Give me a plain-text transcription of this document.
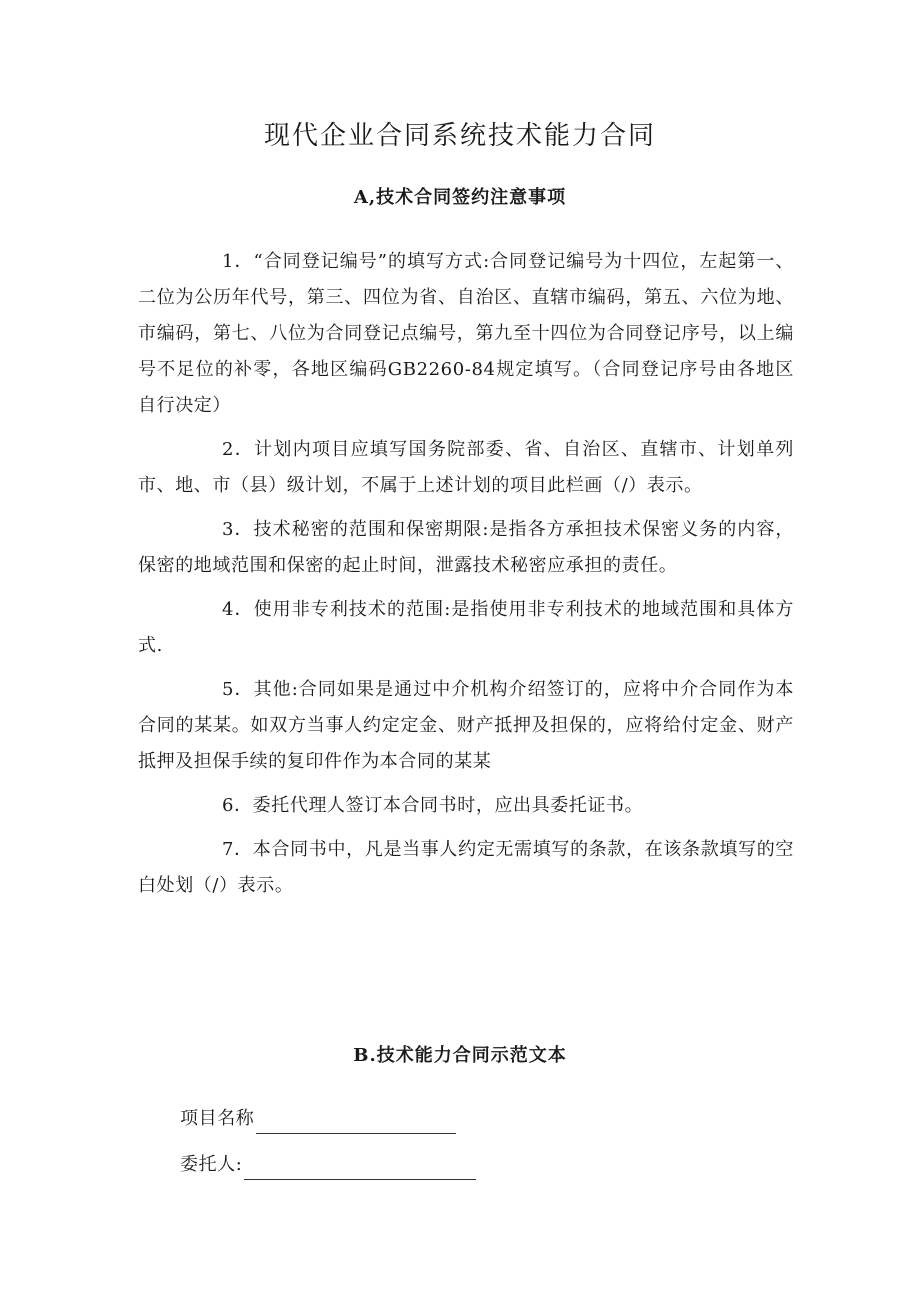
现代企业合同系统技术能力合同
A,技术合同签约注意事项
1．“合同登记编号”的填写方式:合同登记编号为十四位，左起第一、二位为公历年代号，第三、四位为省、自治区、直辖市编码，第五、六位为地、市编码，第七、八位为合同登记点编号，第九至十四位为合同登记序号，以上编号不足位的补零，各地区编码GB2260-84规定填写。（合同登记序号由各地区自行决定）
2．计划内项目应填写国务院部委、省、自治区、直辖市、计划单列市、地、市（县）级计划，不属于上述计划的项目此栏画（/）表示。
3．技术秘密的范围和保密期限:是指各方承担技术保密义务的内容，保密的地域范围和保密的起止时间，泄露技术秘密应承担的责任。
4．使用非专利技术的范围:是指使用非专利技术的地域范围和具体方式.
5．其他:合同如果是通过中介机构介绍签订的，应将中介合同作为本合同的某某。如双方当事人约定定金、财产抵押及担保的，应将给付定金、财产抵押及担保手续的复印件作为本合同的某某
6．委托代理人签订本合同书时，应出具委托证书。
7．本合同书中，凡是当事人约定无需填写的条款，在该条款填写的空白处划（/）表示。
B.技术能力合同示范文本
项目名称
委托人:
